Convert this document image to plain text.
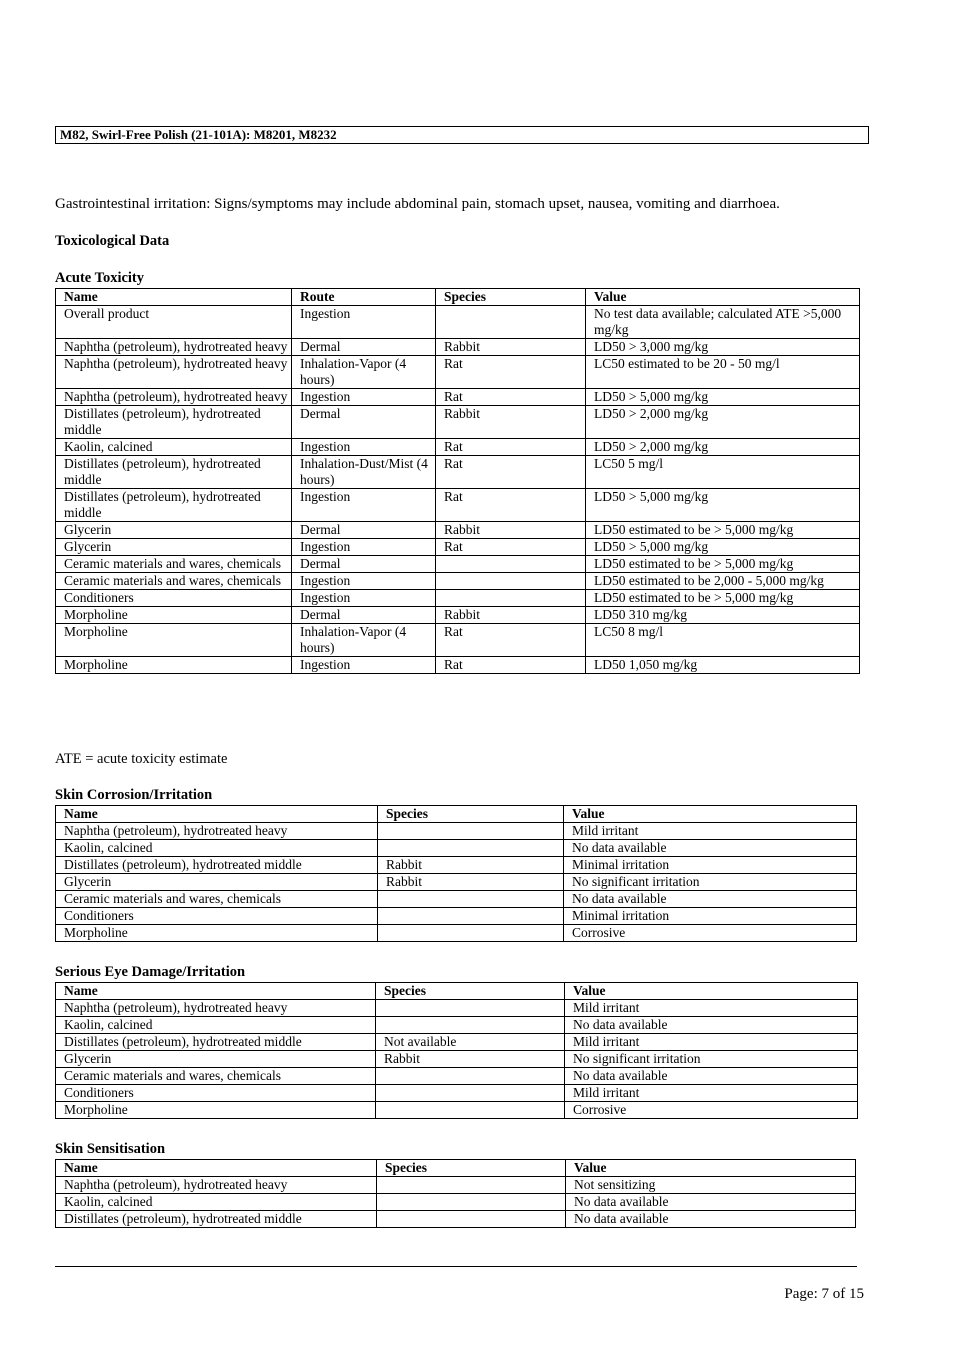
M82, Swirl-Free Polish (21-101A): M8201, M8232
Gastrointestinal irritation: Signs/symptoms may include abdominal pain, stomach upset, nausea, vomiting and diarrhoea.
Toxicological Data
Acute Toxicity
Name	Route	Species	Value
Overall product	Ingestion		No test data available; calculated ATE >5,000 mg/kg
Naphtha (petroleum), hydrotreated heavy	Dermal	Rabbit	LD50 > 3,000 mg/kg
Naphtha (petroleum), hydrotreated heavy	Inhalation-Vapor (4 hours)	Rat	LC50 estimated to be 20 - 50 mg/l
Naphtha (petroleum), hydrotreated heavy	Ingestion	Rat	LD50 > 5,000 mg/kg
Distillates (petroleum), hydrotreated middle	Dermal	Rabbit	LD50 > 2,000 mg/kg
Kaolin, calcined	Ingestion	Rat	LD50 > 2,000 mg/kg
Distillates (petroleum), hydrotreated middle	Inhalation-Dust/Mist (4 hours)	Rat	LC50 5 mg/l
Distillates (petroleum), hydrotreated middle	Ingestion	Rat	LD50 > 5,000 mg/kg
Glycerin	Dermal	Rabbit	LD50 estimated to be > 5,000 mg/kg
Glycerin	Ingestion	Rat	LD50 > 5,000 mg/kg
Ceramic materials and wares, chemicals	Dermal		LD50 estimated to be > 5,000 mg/kg
Ceramic materials and wares, chemicals	Ingestion		LD50 estimated to be 2,000 - 5,000 mg/kg
Conditioners	Ingestion		LD50 estimated to be > 5,000 mg/kg
Morpholine	Dermal	Rabbit	LD50 310 mg/kg
Morpholine	Inhalation-Vapor (4 hours)	Rat	LC50 8 mg/l
Morpholine	Ingestion	Rat	LD50 1,050 mg/kg
ATE = acute toxicity estimate
Skin Corrosion/Irritation
Name	Species	Value
Naphtha (petroleum), hydrotreated heavy		Mild irritant
Kaolin, calcined		No data available
Distillates (petroleum), hydrotreated middle	Rabbit	Minimal irritation
Glycerin	Rabbit	No significant irritation
Ceramic materials and wares, chemicals		No data available
Conditioners		Minimal irritation
Morpholine		Corrosive
Serious Eye Damage/Irritation
Name	Species	Value
Naphtha (petroleum), hydrotreated heavy		Mild irritant
Kaolin, calcined		No data available
Distillates (petroleum), hydrotreated middle	Not available	Mild irritant
Glycerin	Rabbit	No significant irritation
Ceramic materials and wares, chemicals		No data available
Conditioners		Mild irritant
Morpholine		Corrosive
Skin Sensitisation
Name	Species	Value
Naphtha (petroleum), hydrotreated heavy		Not sensitizing
Kaolin, calcined		No data available
Distillates (petroleum), hydrotreated middle		No data available
Page: 7 of 15
